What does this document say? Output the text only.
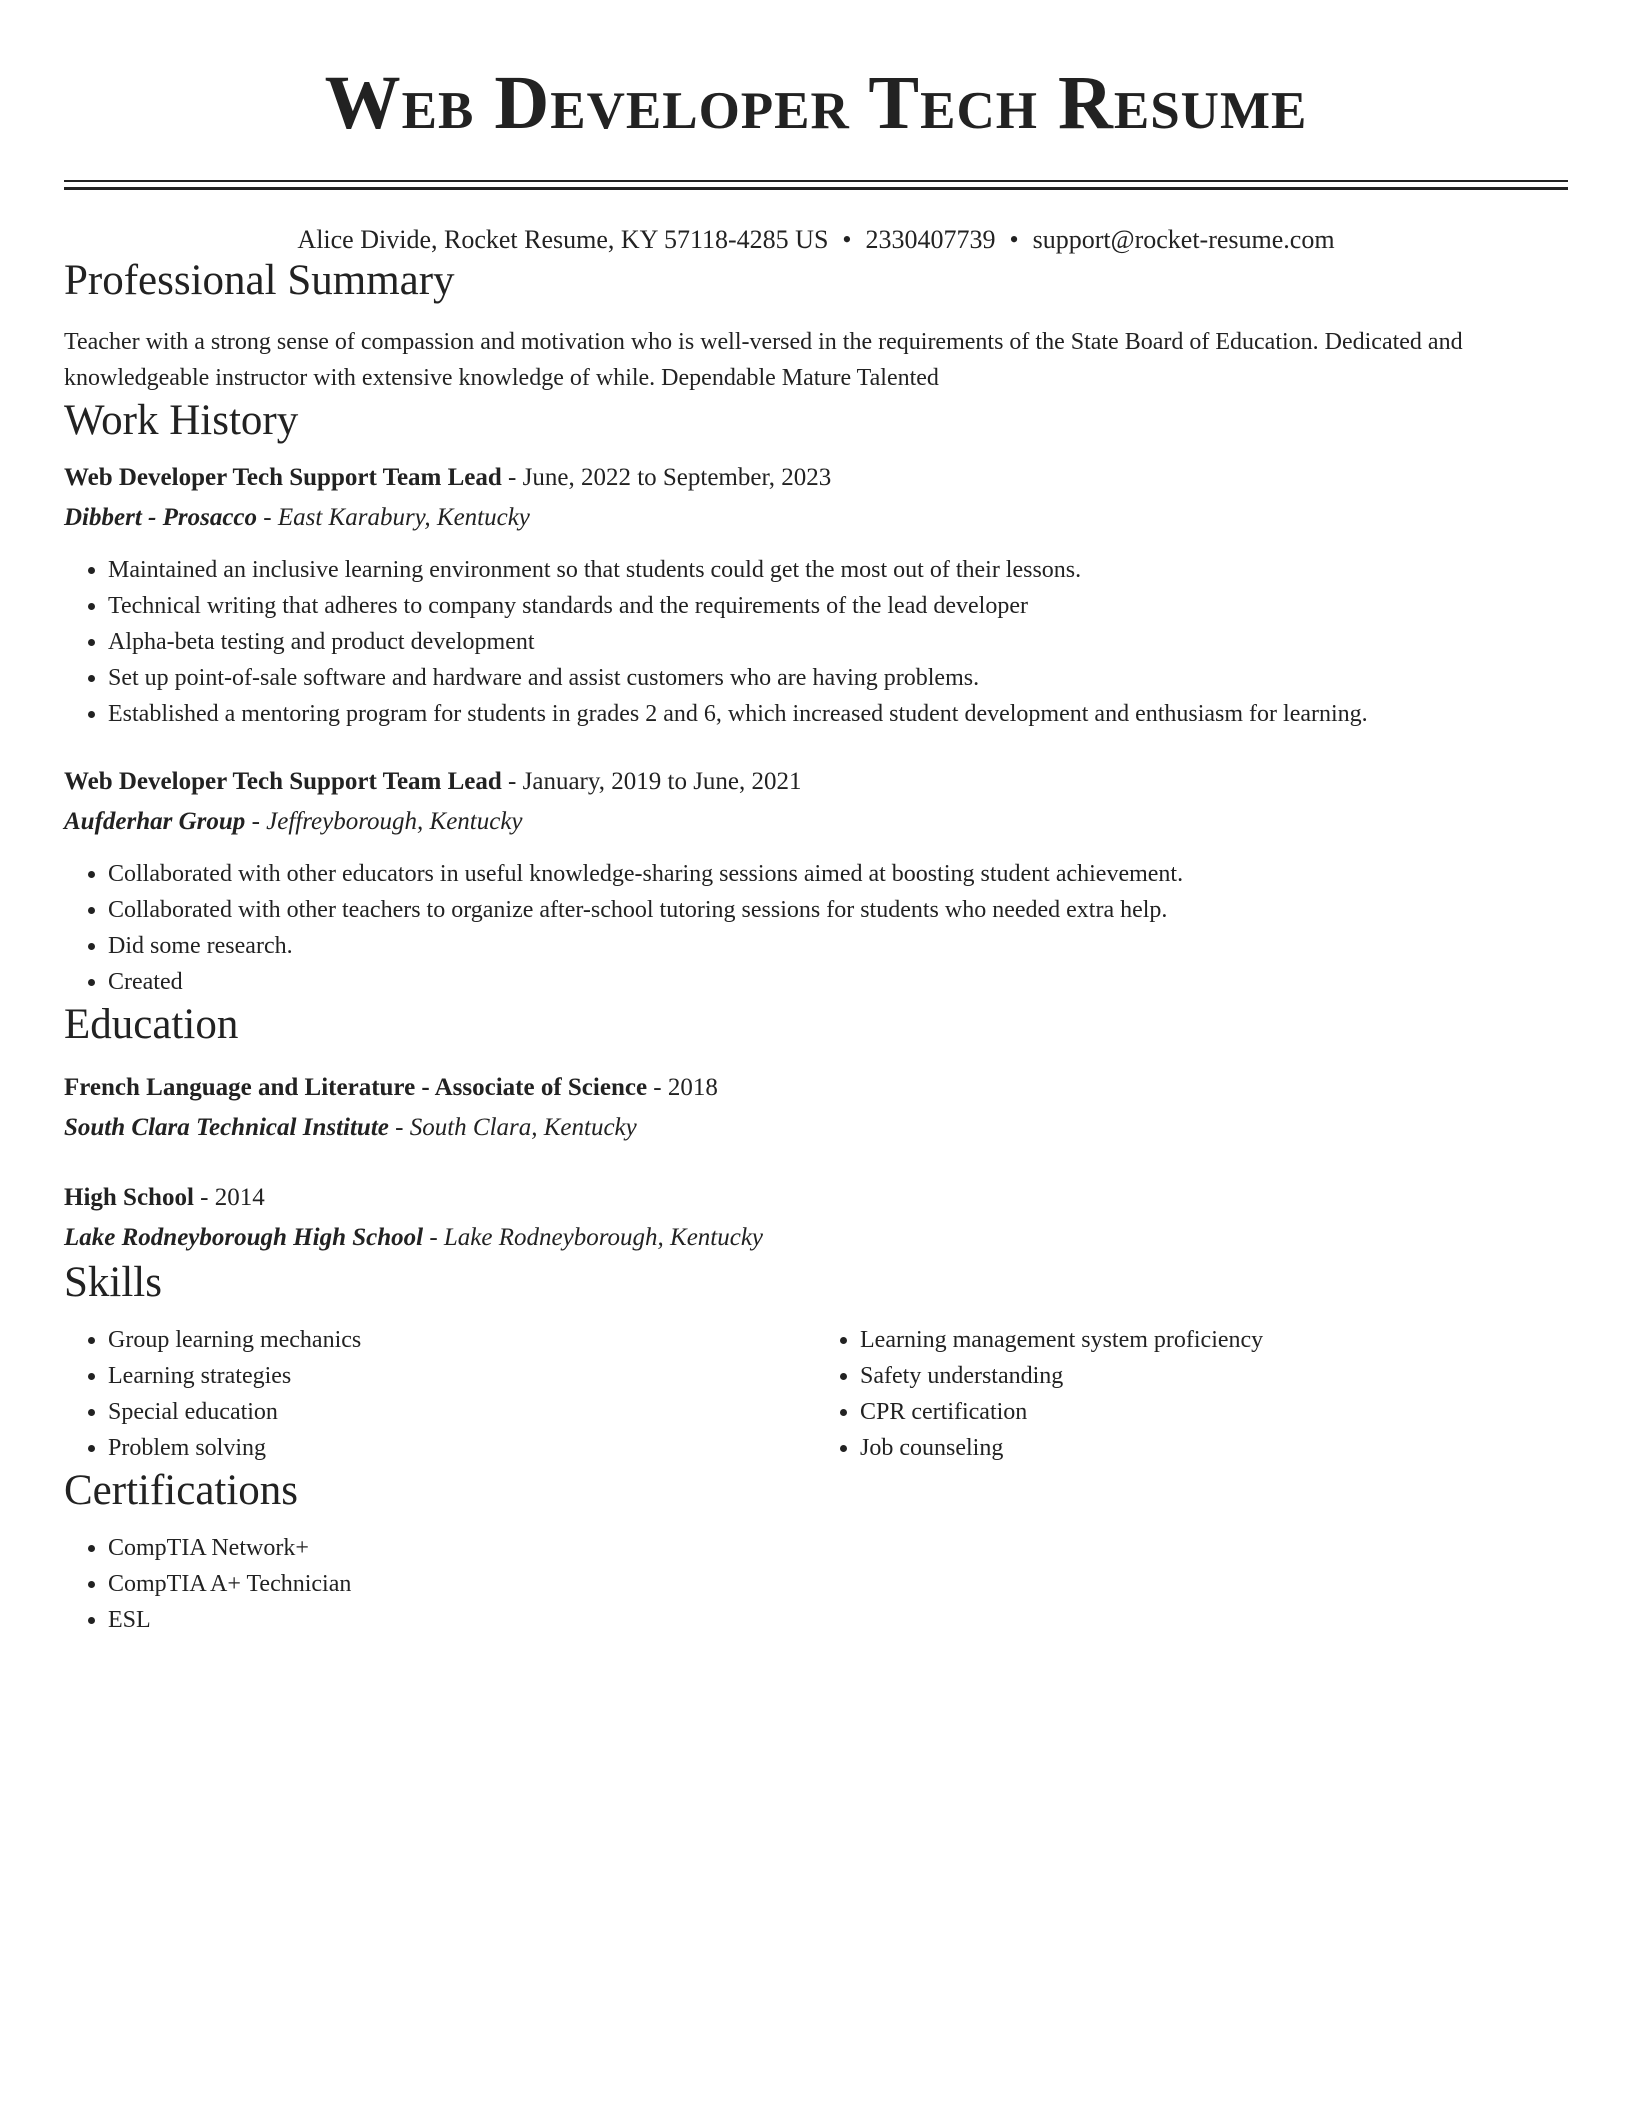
Web Developer Tech Resume
Alice Divide, Rocket Resume, KY 57118-4285 US • 2330407739 • support@rocket-resume.com
Professional Summary
Teacher with a strong sense of compassion and motivation who is well-versed in the requirements of the State Board of Education. Dedicated and knowledgeable instructor with extensive knowledge of while. Dependable Mature Talented
Work History
Web Developer Tech Support Team Lead - June, 2022 to September, 2023
Dibbert - Prosacco - East Karabury, Kentucky
• Maintained an inclusive learning environment so that students could get the most out of their lessons.
• Technical writing that adheres to company standards and the requirements of the lead developer
• Alpha-beta testing and product development
• Set up point-of-sale software and hardware and assist customers who are having problems.
• Established a mentoring program for students in grades 2 and 6, which increased student development and enthusiasm for learning.
Web Developer Tech Support Team Lead - January, 2019 to June, 2021
Aufderhar Group - Jeffreyborough, Kentucky
• Collaborated with other educators in useful knowledge-sharing sessions aimed at boosting student achievement.
• Collaborated with other teachers to organize after-school tutoring sessions for students who needed extra help.
• Did some research.
• Created
Education
French Language and Literature - Associate of Science - 2018
South Clara Technical Institute - South Clara, Kentucky
High School - 2014
Lake Rodneyborough High School - Lake Rodneyborough, Kentucky
Skills
• Group learning mechanics
• Learning strategies
• Special education
• Problem solving
• Learning management system proficiency
• Safety understanding
• CPR certification
• Job counseling
Certifications
• CompTIA Network+
• CompTIA A+ Technician
• ESL
